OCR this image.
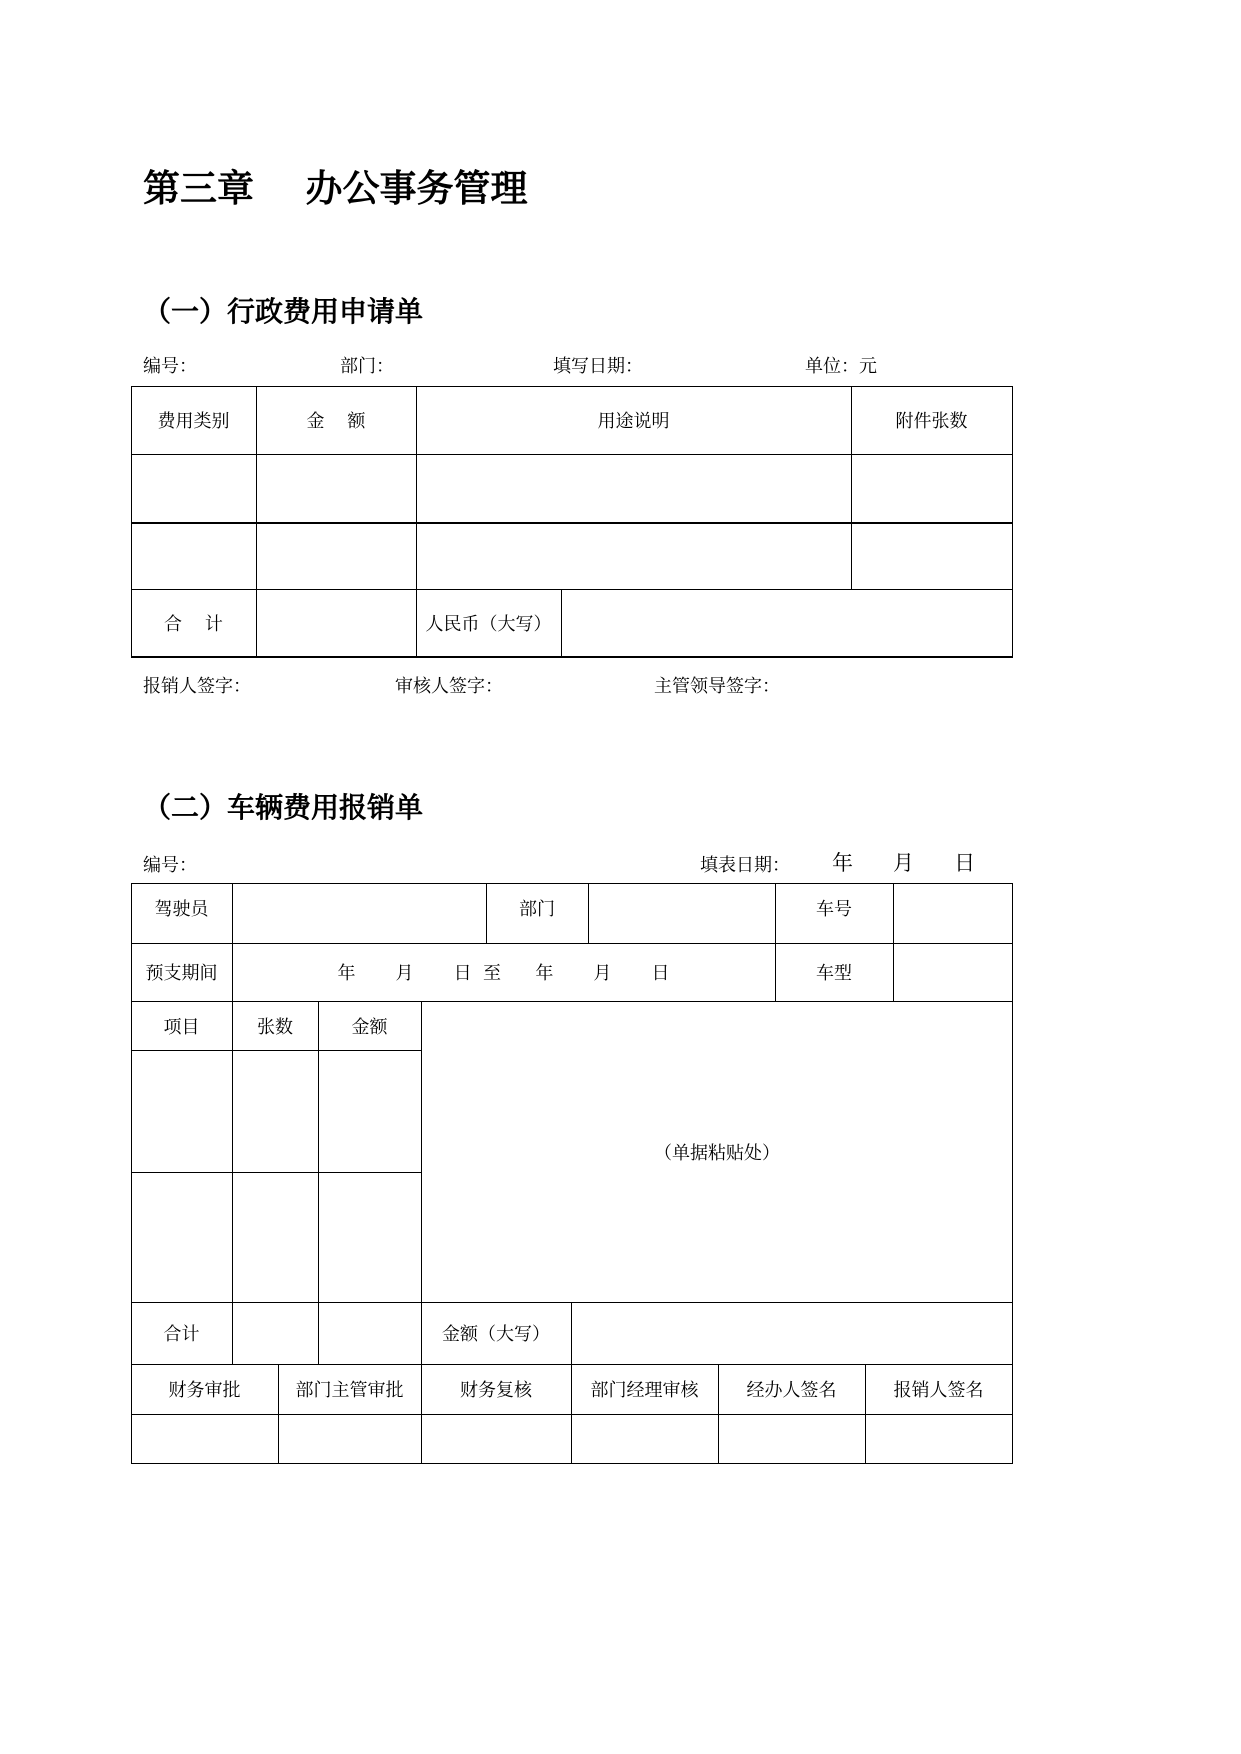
第三章    办公事务管理
（一）行政费用申请单
编号：	部门：	填写日期：	单位：元
费用类别	金    额	用途说明	附件张数
合    计	人民币（大写）
报销人签字：	审核人签字：	主管领导签字：
（二）车辆费用报销单
编号：	填表日期： 年      月      日
驾驶员	部门	车号
预支期间	年       月       日  至      年       月       日	车型
项目	张数	金额
（单据粘贴处）
合计	金额（大写）
财务审批	部门主管审批	财务复核	部门经理审核	经办人签名	报销人签名
